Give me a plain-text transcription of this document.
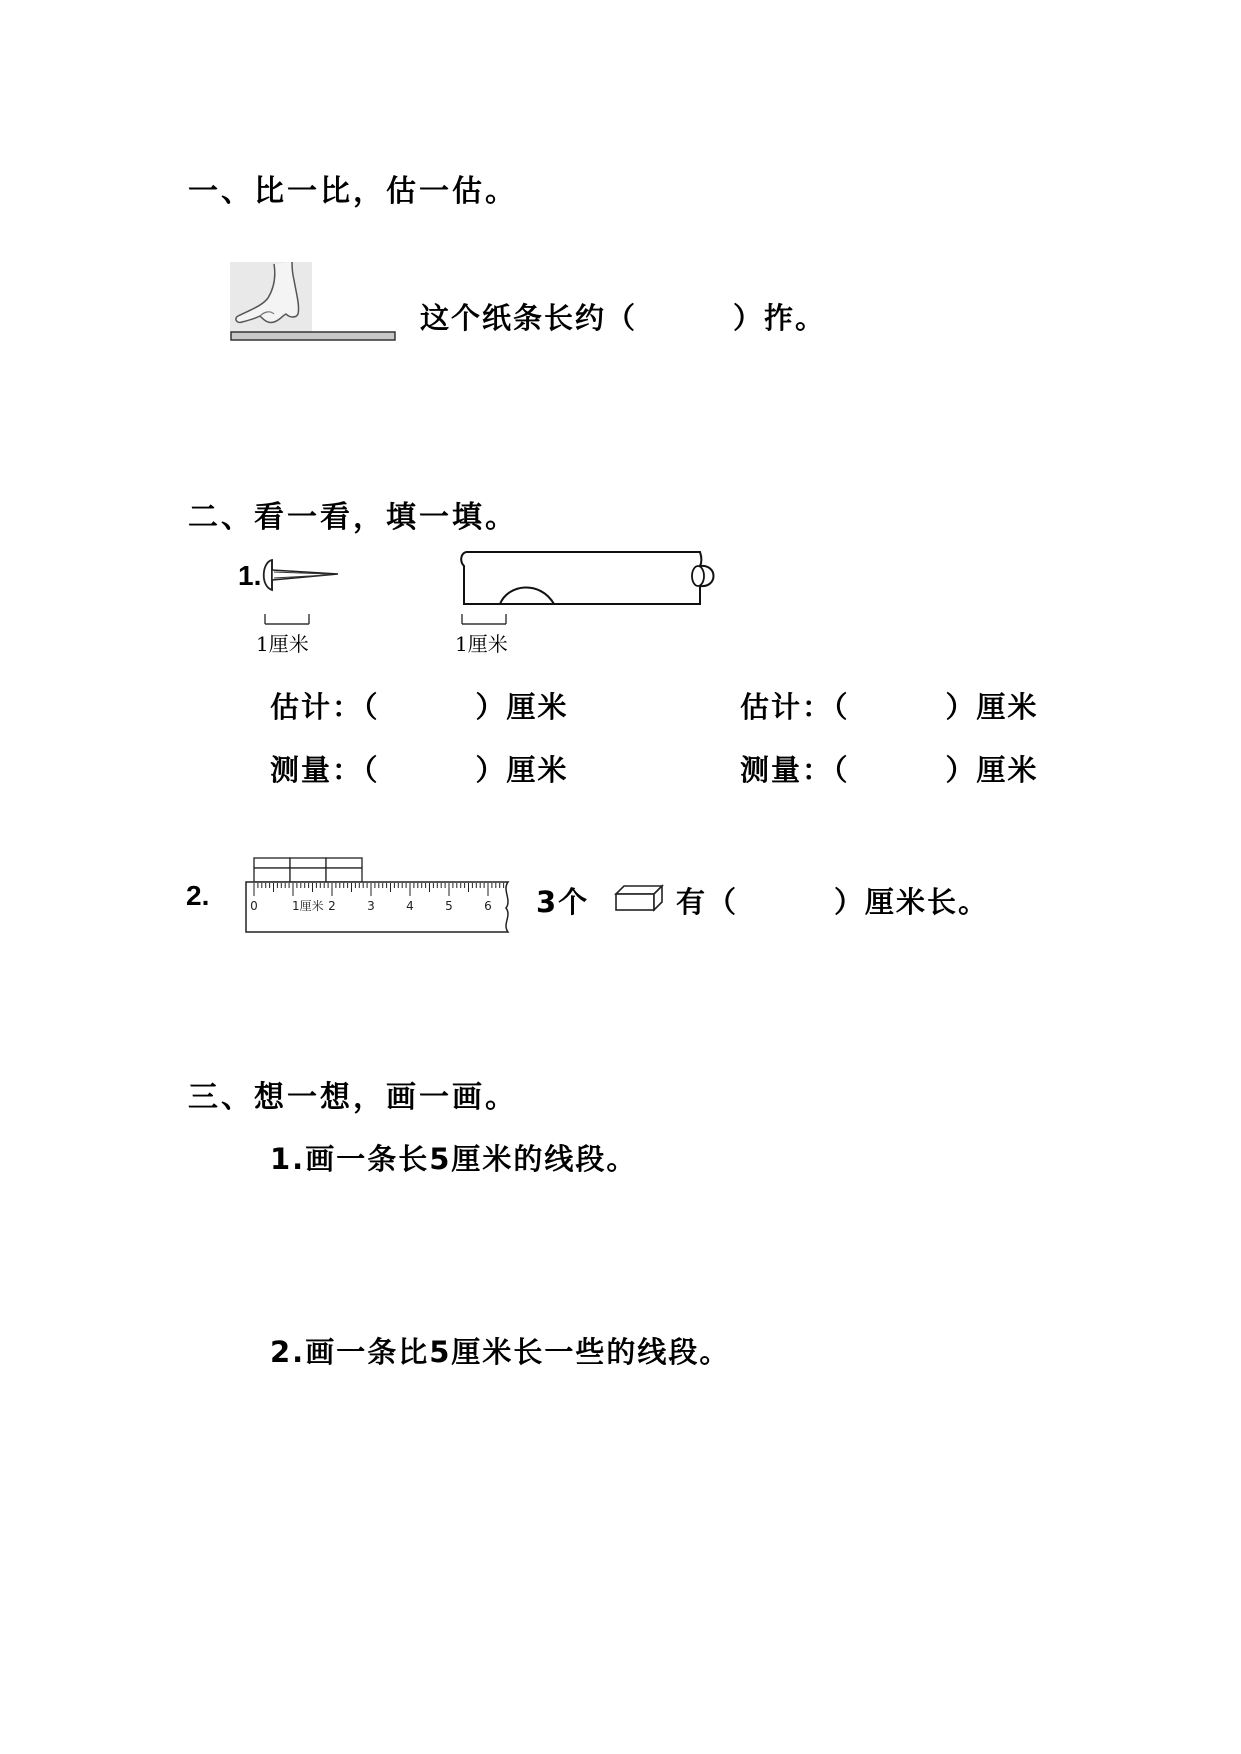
一、比一比，估一估。
这个纸条长约（	）拃。
二、看一看，填一填。
1.
1厘米	1厘米
估计：（	）厘米	估计：（	）厘米
测量：（	）厘米	测量：（	）厘米
2.	0	1厘米 2	3	4	5	6 3个	有（	）厘米长。
三、想一想，画一画。
1.画一条长5厘米的线段。
2.画一条比5厘米长一些的线段。
